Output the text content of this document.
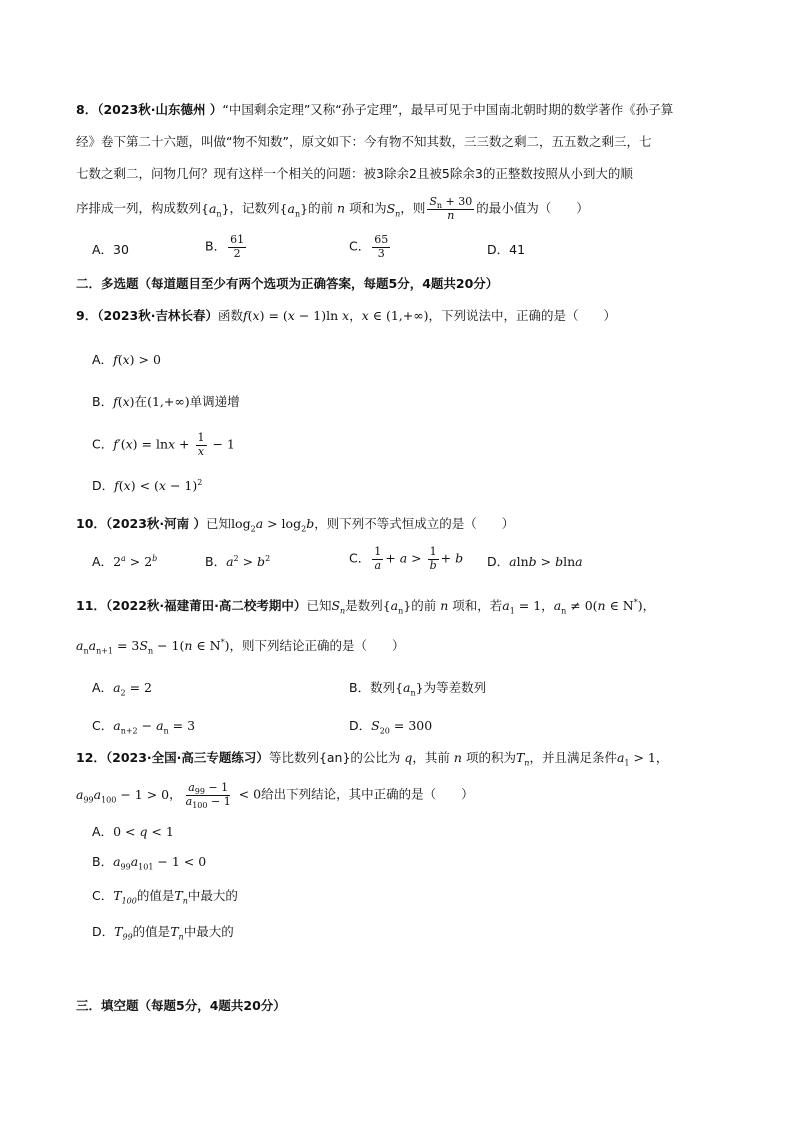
8．（2023秋·山东德州 ）“中国剩余定理”又称“孙子定理”，最早可见于中国南北朝时期的数学著作《孙子算
经》卷下第二十六题，叫做“物不知数”，原文如下：今有物不知其数，三三数之剩二，五五数之剩三，七
七数之剩二，问物几何？现有这样一个相关的问题：被3除余2且被5除余3的正整数按照从小到大的顺
序排成一列，构成数列$\{a_n\}$，记数列$\{a_n\}$的前 n 项和为$S_n$，则 $\frac{S_n + 30}{n}$ 的最小值为（　　）
A．30	B． $\frac{61}{2}$	C． $\frac{65}{3}$	D．41
二．多选题（每道题目至少有两个选项为正确答案，每题5分，4题共20分）
9．（2023秋·吉林长春）函数f(x) = (x − 1)ln x，x ∈ (1,+∞)，下列说法中，正确的是（　　）
A．f(x) > 0
B．f(x)在(1,+∞)单调递增
C．$f'(x) = \ln x + \frac{1}{x} - 1$
D．$f(x) < (x - 1)^2$
10．（2023秋·河南 ）已知$\log_2a > \log_2b$，则下列不等式恒成立的是（　　）
A．$2^a > 2^b$	B．$a^2 > b^2$	C． $\frac{1}{a} + a > \frac{1}{b} + b$ D．alnb > blna
11．（2022秋·福建莆田·高二校考期中）已知$S_n$是数列$\{a_n\}$的前 n 项和，若$a_1 = 1$，$a_n \ne 0(n$ ∈ N*)，
$a_na_{n+1} = 3S_n - 1(n$ ∈ N*)，则下列结论正确的是（　　）
A．$a_2 = 2$	B．数列$\{a_n\}$为等差数列
C．$a_{n+2} - a_n = 3$	D．$S_{20} = 300$
12．（2023·全国·高三专题练习）等比数列{an}的公比为 q，其前 n 项的积为$T_n$，并且满足条件$a_1 > 1$，
$a_{99}a_{100} - 1 > 0$， $\frac{a_{99} - 1}{a_{100} - 1} < 0$给出下列结论，其中正确的是（　　）
A．0 < q < 1
B．$a_{99}a_{101} - 1 < 0$
C．$T_{100}$的值是$T_n$中最大的
D．$T_{99}$的值是$T_n$中最大的
三．填空题（每题5分，4题共20分）
